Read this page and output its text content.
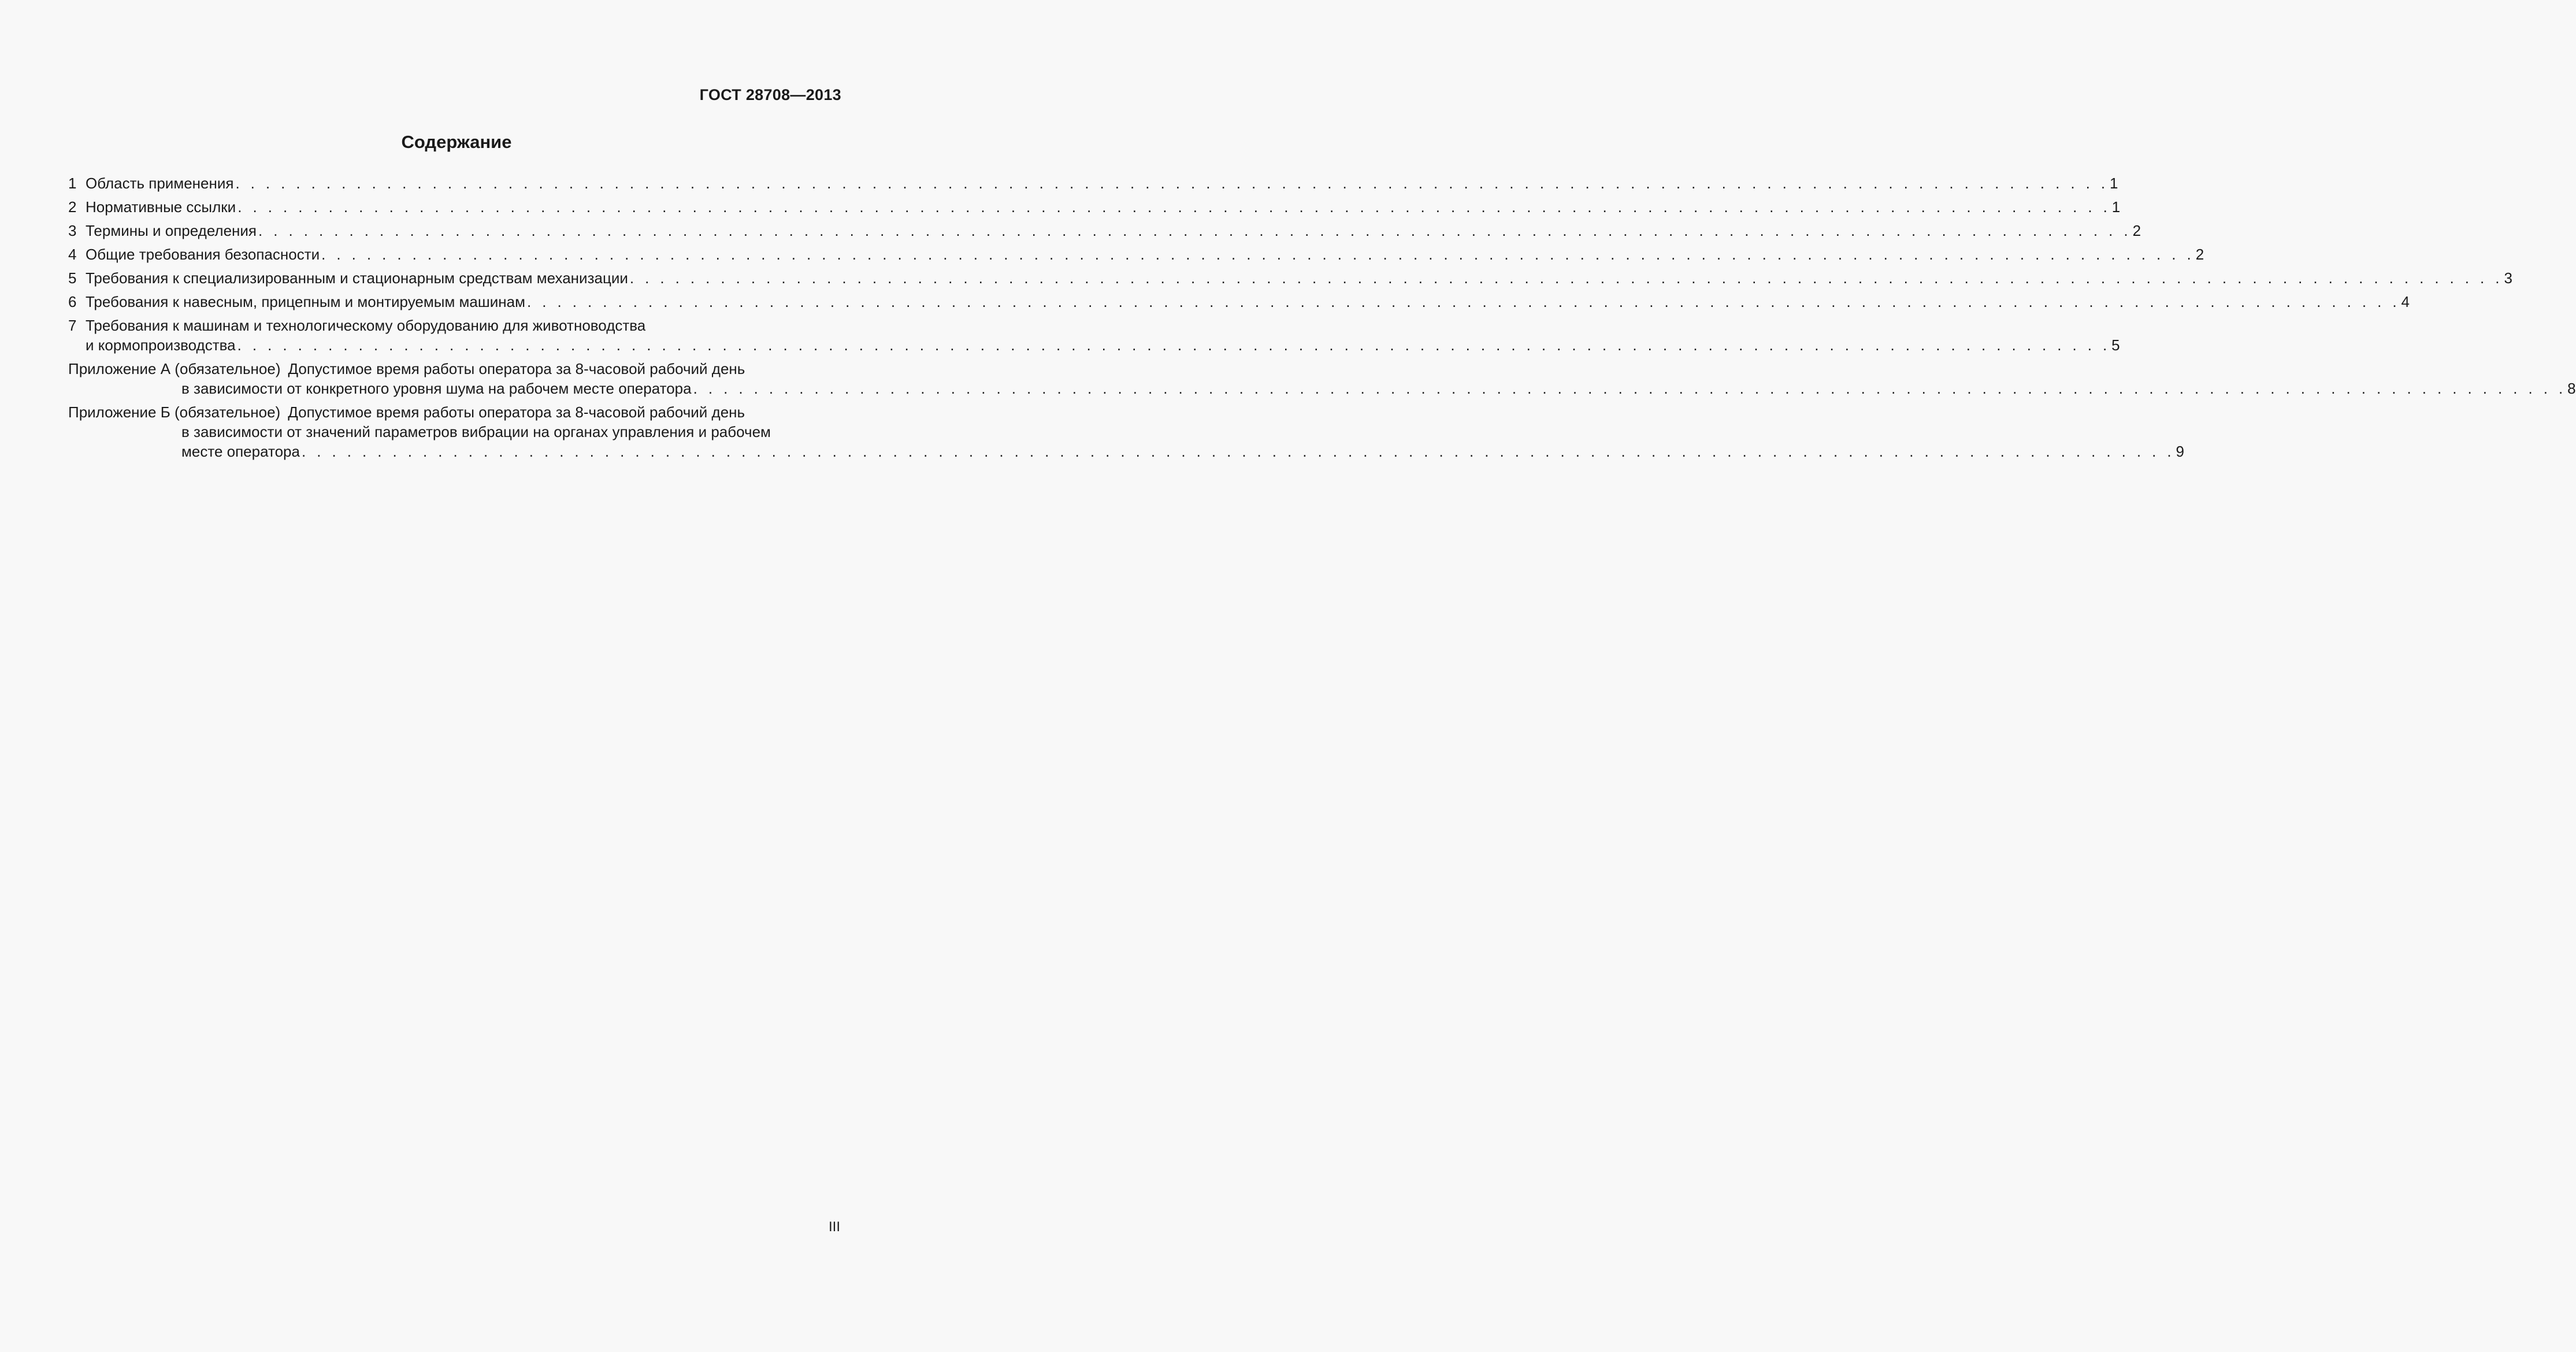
ГОСТ 28708—2013
Содержание
1 Область применения . . . . . . . . . . . . . . . . . . . . . . . . . . . . . . . . . . . . . . . . . . . . . . . . . . . . . . . . . . . . . . . . . . . . . . . . . . . . . . . . . . . . . . . . . . . . . . . . . . . . . . . . . . . . . . . . . . . . . . . . . . . . 1
2 Нормативные ссылки . . . . . . . . . . . . . . . . . . . . . . . . . . . . . . . . . . . . . . . . . . . . . . . . . . . . . . . . . . . . . . . . . . . . . . . . . . . . . . . . . . . . . . . . . . . . . . . . . . . . . . . . . . . . . . . . . . . . . . . . . . . . 1
3 Термины и определения . . . . . . . . . . . . . . . . . . . . . . . . . . . . . . . . . . . . . . . . . . . . . . . . . . . . . . . . . . . . . . . . . . . . . . . . . . . . . . . . . . . . . . . . . . . . . . . . . . . . . . . . . . . . . . . . . . . . . . . . . . . . 2
4 Общие требования безопасности . . . . . . . . . . . . . . . . . . . . . . . . . . . . . . . . . . . . . . . . . . . . . . . . . . . . . . . . . . . . . . . . . . . . . . . . . . . . . . . . . . . . . . . . . . . . . . . . . . . . . . . . . . . . . . . . . . . . . . . . . . . . 2
5 Требования к специализированным и стационарным средствам механизации . . . . . . . . . . . . . . . . . . . . . . . . . . . . . . . . . . . . . . . . . . . . . . . . . . . . . . . . . . . . . . . . . . . . . . . . . . . . . . . . . . . . . . . . . . . . . . . . . . . . . . . . . . . . . . . . . . . . . . . . . . . . 3
6 Требования к навесным, прицепным и монтируемым машинам . . . . . . . . . . . . . . . . . . . . . . . . . . . . . . . . . . . . . . . . . . . . . . . . . . . . . . . . . . . . . . . . . . . . . . . . . . . . . . . . . . . . . . . . . . . . . . . . . . . . . . . . . . . . . . . . . . . . . . . . . . . . 4
7 Требования к машинам и технологическому оборудованию для животноводства
и кормопроизводства . . . . . . . . . . . . . . . . . . . . . . . . . . . . . . . . . . . . . . . . . . . . . . . . . . . . . . . . . . . . . . . . . . . . . . . . . . . . . . . . . . . . . . . . . . . . . . . . . . . . . . . . . . . . . . . . . . . . . . . . . . . . 5
Приложение А (обязательное) Допустимое время работы оператора за 8-часовой рабочий день
в зависимости от конкретного уровня шума на рабочем месте оператора . . . . . . . . . . . . . . . . . . . . . . . . . . . . . . . . . . . . . . . . . . . . . . . . . . . . . . . . . . . . . . . . . . . . . . . . . . . . . . . . . . . . . . . . . . . . . . . . . . . . . . . . . . . . . . . . . . . . . . . . . . . . 8
Приложение Б (обязательное) Допустимое время работы оператора за 8-часовой рабочий день
в зависимости от значений параметров вибрации на органах управления и рабочем
месте оператора . . . . . . . . . . . . . . . . . . . . . . . . . . . . . . . . . . . . . . . . . . . . . . . . . . . . . . . . . . . . . . . . . . . . . . . . . . . . . . . . . . . . . . . . . . . . . . . . . . . . . . . . . . . . . . . . . . . . . . . . . . . . 9
III
